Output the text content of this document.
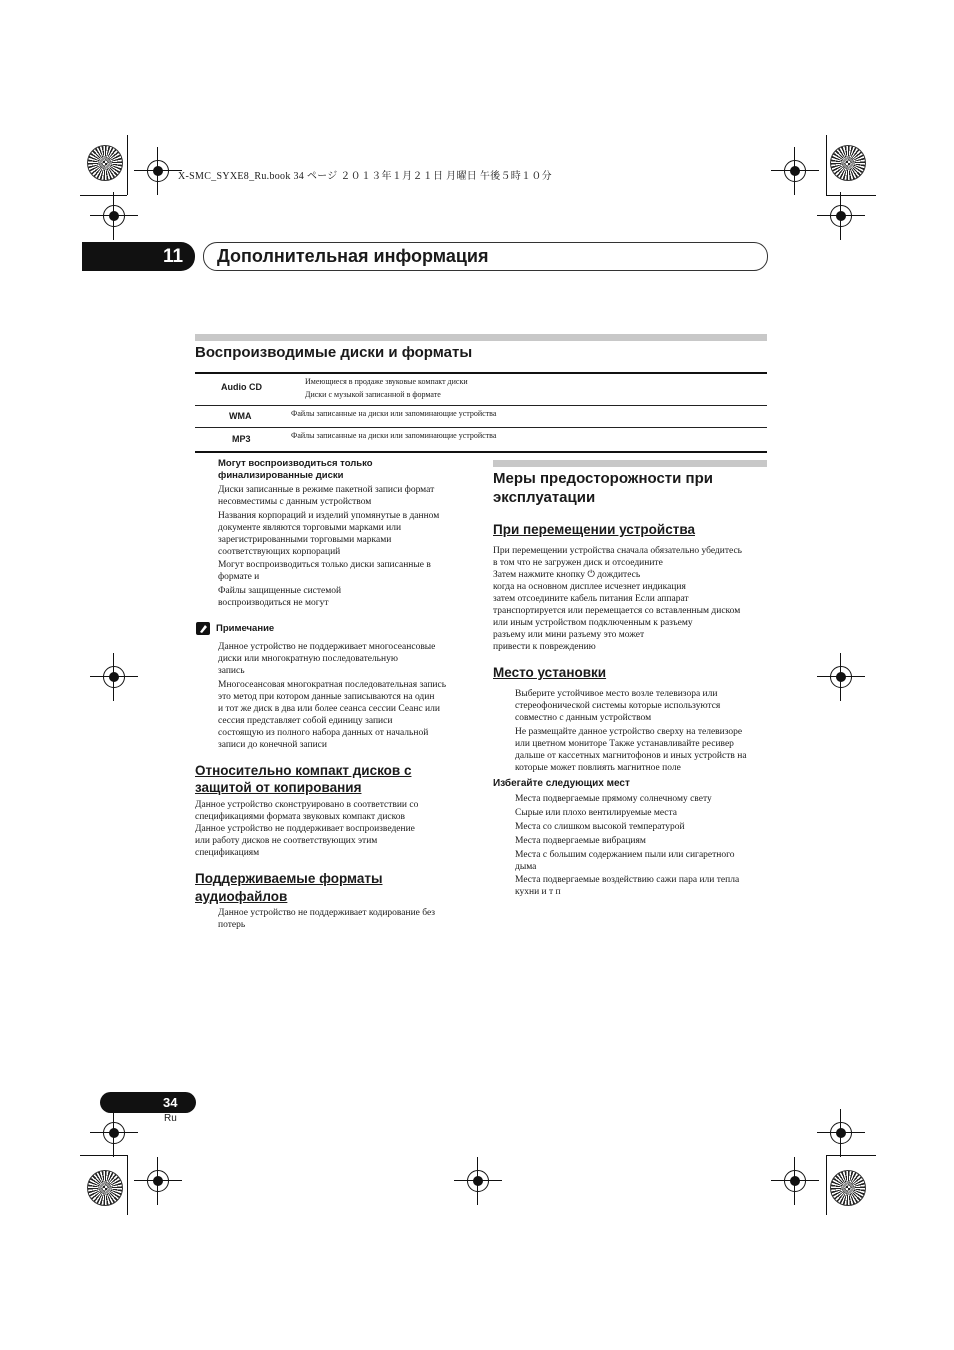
X-SMC_SYXE8_Ru.book 34 ページ ２０１３年１月２１日 月曜日 午後５時１０分
11 Дополнительная информация
Воспроизводимые диски и форматы
Audio CD
Имеющиеся в продаже звуковые компакт диски
Диски с музыкой записанной в формате
WMA	Файлы записанные на диски или запоминающие устройства
MP3	Файлы записанные на диски или запоминающие устройства
Могут воспроизводиться только
финализированные диски
Диски записанные в режиме пакетной записи формат
несовместимы с данным устройством
Названия корпораций и изделий упомянутые в данном
документе являются торговыми марками или
зарегистрированными торговыми марками
соответствующих корпораций
Могут воспроизводиться только диски записанные в
формате и
Файлы защищенные системой
воспроизводиться не могут
Примечание
Данное устройство не поддерживает многосеансовые
диски или многократную последовательную
запись
Многосеансовая многократная последовательная запись
это метод при котором данные записываются на один
и тот же диск в два или более сеанса сессии Сеанс или
сессия представляет собой единицу записи
состоящую из полного набора данных от начальной
записи до конечной записи
Относительно компакт дисков с
защитой от копирования
Данное устройство сконструировано в соответствии со
спецификациями формата звуковых компакт дисков
Данное устройство не поддерживает воспроизведение
или работу дисков не соответствующих этим
спецификациям
Поддерживаемые форматы
аудиофайлов
Данное устройство не поддерживает кодирование без
потерь
Меры предосторожности при
эксплуатации
При перемещении устройства
При перемещении устройства сначала обязательно убедитесь
в том что не загружен диск и отсоедините
Затем нажмите кнопку ⏻ дождитесь
когда на основном дисплее исчезнет индикация
затем отсоедините кабель питания Если аппарат
транспортируется или перемещается со вставленным диском
или иным устройством подключенным к разъему
разъему или мини разъему это может
привести к повреждению
Место установки
Выберите устойчивое место возле телевизора или
стереофонической системы которые используются
совместно с данным устройством
Не размещайте данное устройство сверху на телевизоре
или цветном мониторе Также устанавливайте ресивер
дальше от кассетных магнитофонов и иных устройств на
которые может повлиять магнитное поле
Избегайте следующих мест
Места подвергаемые прямому солнечному свету
Сырые или плохо вентилируемые места
Места со слишком высокой температурой
Места подвергаемые вибрациям
Места с большим содержанием пыли или сигаретного
дыма
Места подвергаемые воздействию сажи пара или тепла
кухни и т п
34
Ru
